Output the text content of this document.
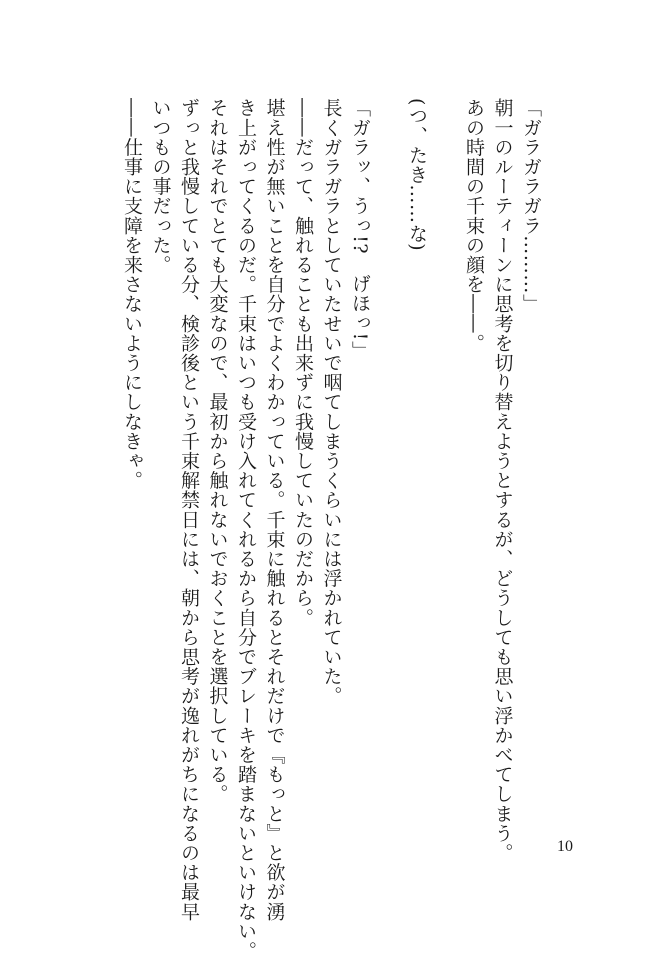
「ガラガラガラ………」

朝一のルーティーンに思考を切り替えようとするが、どうしても思い浮かべてしまう。

あの時間の千束の顔を――。

(つ、たき……な)

「ガラッ、うっ!?　げほっ!」

長くガラガラとしていたせいで咽てしまうくらいには浮かれていた。

――だって、触れることも出来ずに我慢していたのだから。

堪え性が無いことを自分でよくわかっている。千束に触れるとそれだけで『もっと』と欲が湧

き上がってくるのだ。千束はいつも受け入れてくれるから自分でブレーキを踏まないといけない。

それはそれでとても大変なので、最初から触れないでおくことを選択している。

ずっと我慢している分、検診後という千束解禁日には、朝から思考が逸れがちになるのは最早

いつもの事だった。

――仕事に支障を来さないようにしなきゃ。

10
